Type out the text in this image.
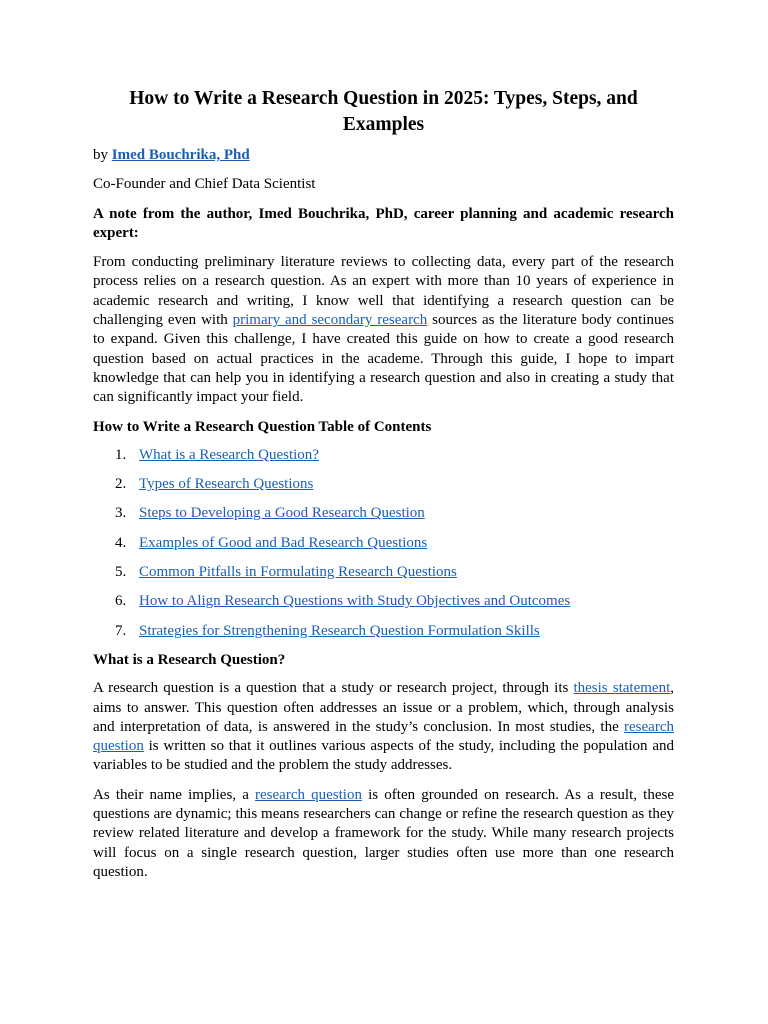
How to Write a Research Question in 2025: Types, Steps, and Examples

by Imed Bouchrika, Phd

Co-Founder and Chief Data Scientist

A note from the author, Imed Bouchrika, PhD, career planning and academic research expert:

From conducting preliminary literature reviews to collecting data, every part of the research process relies on a research question. As an expert with more than 10 years of experience in academic research and writing, I know well that identifying a research question can be challenging even with primary and secondary research sources as the literature body continues to expand. Given this challenge, I have created this guide on how to create a good research question based on actual practices in the academe. Through this guide, I hope to impart knowledge that can help you in identifying a research question and also in creating a study that can significantly impact your field.

How to Write a Research Question Table of Contents

1. What is a Research Question?
2. Types of Research Questions
3. Steps to Developing a Good Research Question
4. Examples of Good and Bad Research Questions
5. Common Pitfalls in Formulating Research Questions
6. How to Align Research Questions with Study Objectives and Outcomes
7. Strategies for Strengthening Research Question Formulation Skills

What is a Research Question?

A research question is a question that a study or research project, through its thesis statement, aims to answer. This question often addresses an issue or a problem, which, through analysis and interpretation of data, is answered in the study’s conclusion. In most studies, the research question is written so that it outlines various aspects of the study, including the population and variables to be studied and the problem the study addresses.

As their name implies, a research question is often grounded on research. As a result, these questions are dynamic; this means researchers can change or refine the research question as they review related literature and develop a framework for the study. While many research projects will focus on a single research question, larger studies often use more than one research question.
